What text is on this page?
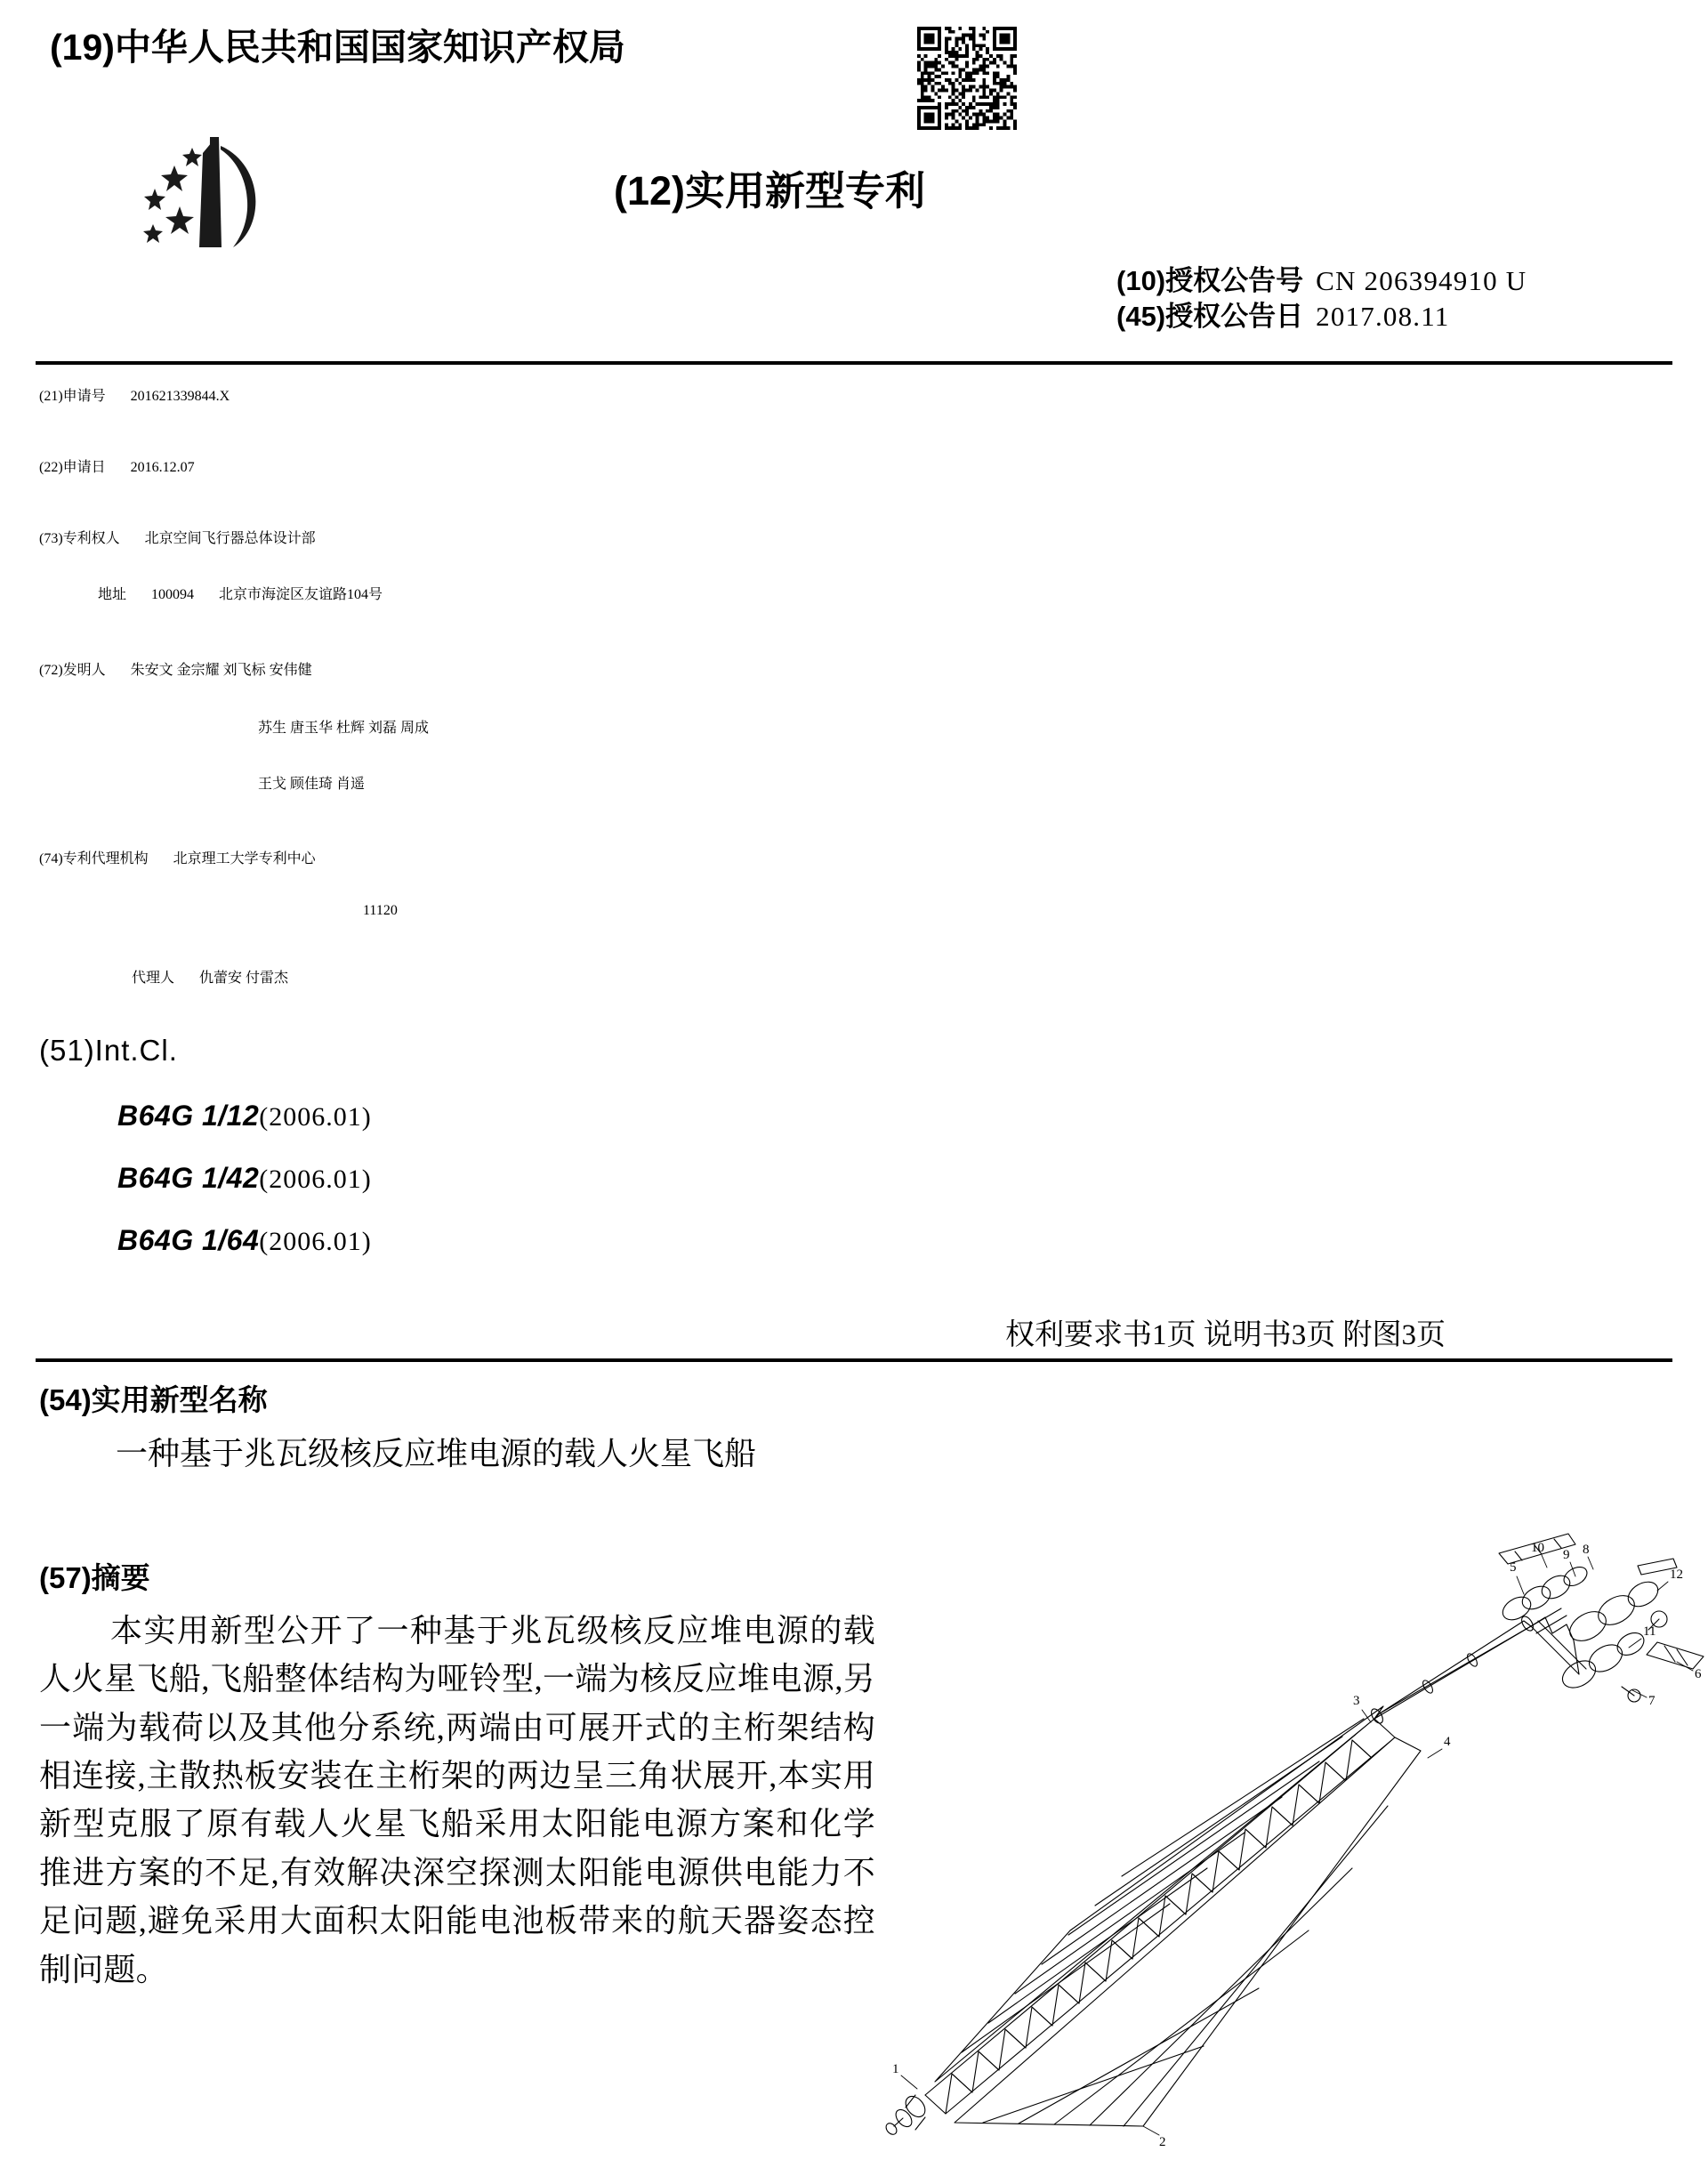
(19)中华人民共和国国家知识产权局
(12)实用新型专利
(10)授权公告号 CN 206394910 U
(45)授权公告日 2017.08.11
(21)申请号 201621339844.X
(22)申请日 2016.12.07
(73)专利权人 北京空间飞行器总体设计部
地址 100094 北京市海淀区友谊路104号
(72)发明人 朱安文 金宗耀 刘飞标 安伟健
苏生 唐玉华 杜辉 刘磊 周成
王戈 顾佳琦 肖遥
(74)专利代理机构 北京理工大学专利中心
11120
代理人 仇蕾安 付雷杰
(51)Int.Cl.
B64G 1/12(2006.01)
B64G 1/42(2006.01)
B64G 1/64(2006.01)
权利要求书1页 说明书3页 附图3页
(54)实用新型名称
一种基于兆瓦级核反应堆电源的载人火星飞船
(57)摘要
本实用新型公开了一种基于兆瓦级核反应堆电源的载人火星飞船,飞船整体结构为哑铃型,一端为核反应堆电源,另一端为载荷以及其他分系统,两端由可展开式的主桁架结构相连接,主散热板安装在主桁架的两边呈三角状展开,本实用新型克服了原有载人火星飞船采用太阳能电源方案和化学推进方案的不足,有效解决深空探测太阳能电源供电能力不足问题,避免采用大面积太阳能电池板带来的航天器姿态控制问题。
1
2
3
4
5
6
7
8
9
10
11
12
